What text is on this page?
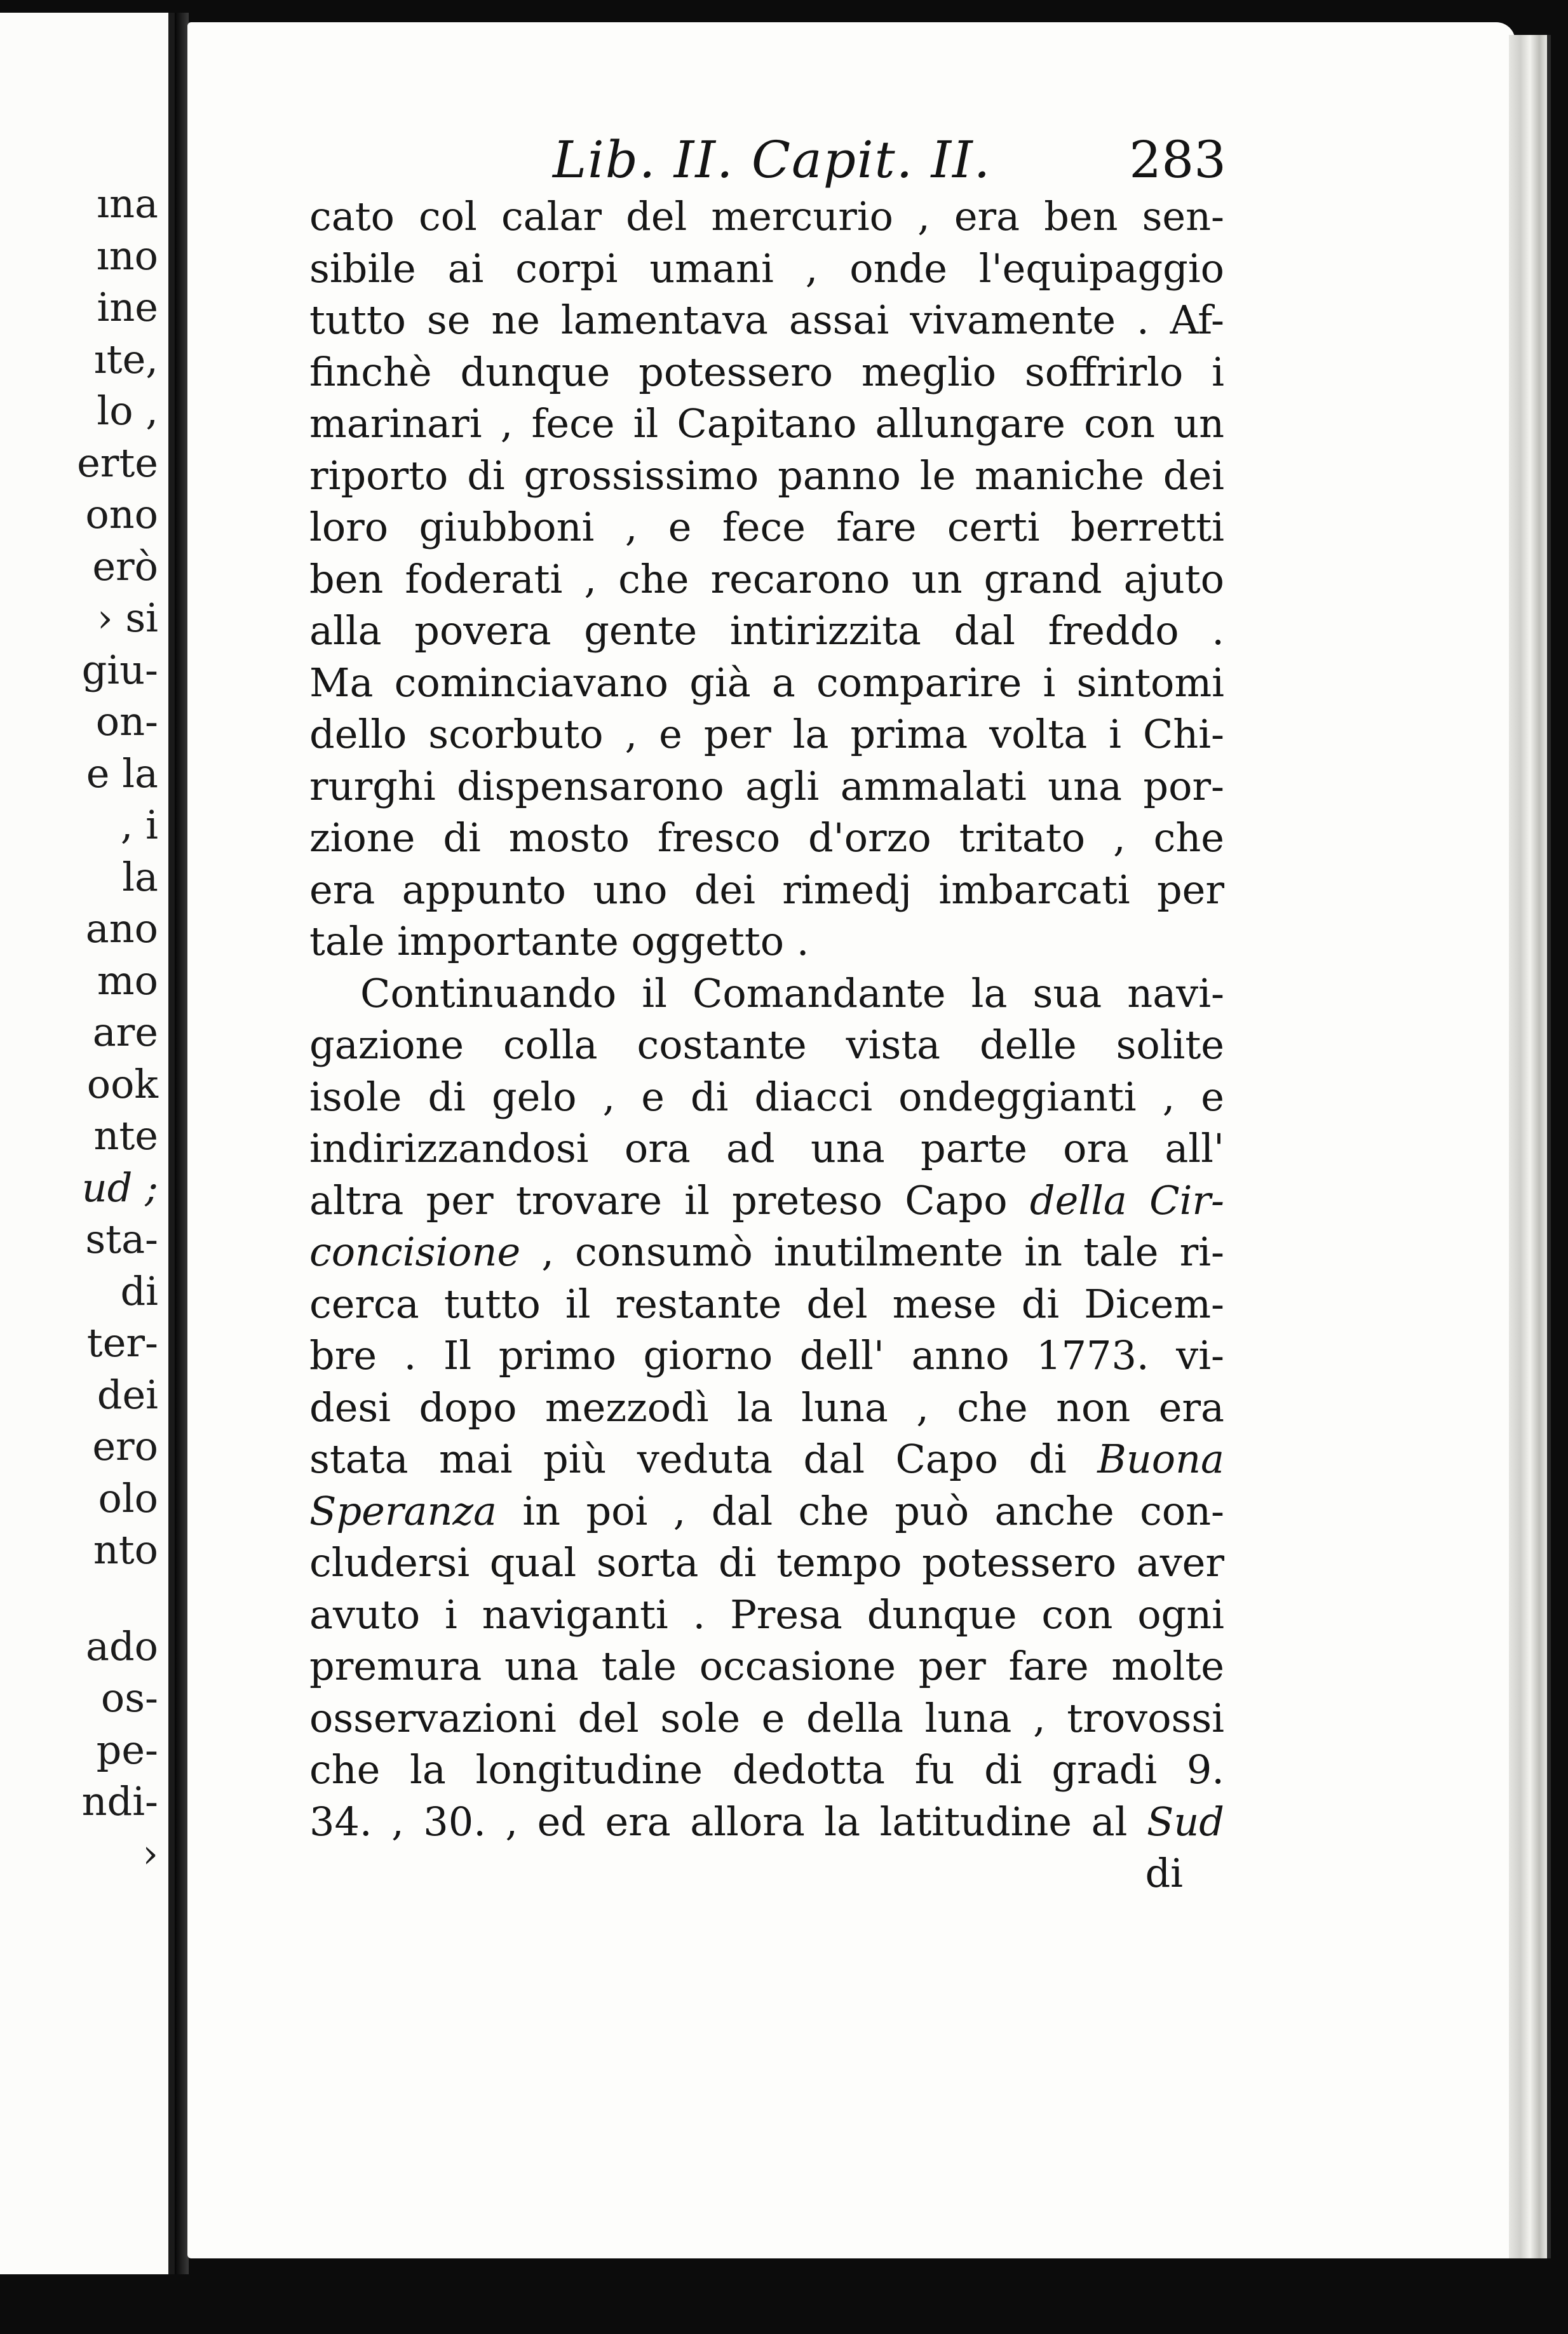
ına
ıno
ine
ıte,
lo ,
erte
ono
erò
› si
giu-
on-
e la
, i
la
ano
mo
are
ook
nte
ud ;
sta-
di
ter-
dei
ero
olo
nto
ado
os-
pe-
ndi-
›
Lib. II. Capit. II.	283
cato col calar del mercurio , era ben sen-
sibile ai corpi umani , onde l'equipaggio
tutto se ne lamentava assai vivamente . Af-
finchè dunque potessero meglio soffrirlo i
marinari , fece il Capitano allungare con un
riporto di grossissimo panno le maniche dei
loro giubboni , e fece fare certi berretti
ben foderati , che recarono un grand ajuto
alla povera gente intirizzita dal freddo .
Ma cominciavano già a comparire i sintomi
dello scorbuto , e per la prima volta i Chi-
rurghi dispensarono agli ammalati una por-
zione di mosto fresco d'orzo tritato , che
era appunto uno dei rimedj imbarcati per
tale importante oggetto .
Continuando il Comandante la sua navi-
gazione colla costante vista delle solite
isole di gelo , e di diacci ondeggianti , e
indirizzandosi ora ad una parte ora all'
altra per trovare il preteso Capo della Cir-
concisione , consumò inutilmente in tale ri-
cerca tutto il restante del mese di Dicem-
bre . Il primo giorno dell' anno 1773. vi-
desi dopo mezzodì la luna , che non era
stata mai più veduta dal Capo di Buona
Speranza in poi , dal che può anche con-
cludersi qual sorta di tempo potessero aver
avuto i naviganti . Presa dunque con ogni
premura una tale occasione per fare molte
osservazioni del sole e della luna , trovossi
che la longitudine dedotta fu di gradi 9.
34. , 30. , ed era allora la latitudine al Sud
di
